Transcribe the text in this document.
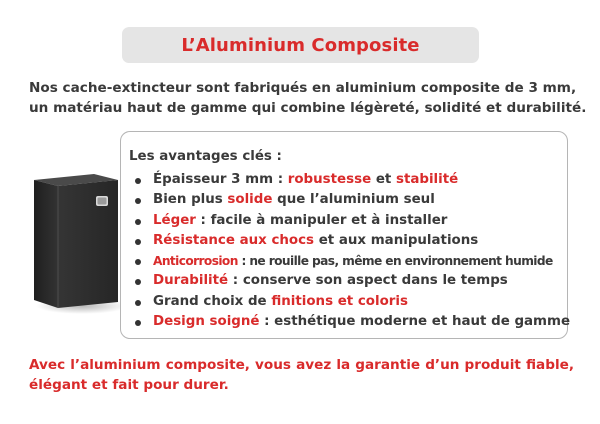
L’Aluminium Composite
Nos cache-extincteur sont fabriqués en aluminium composite de 3 mm,
un matériau haut de gamme qui combine légèreté, solidité et durabilité.
Les avantages clés :
Épaisseur 3 mm : robustesse et stabilité
Bien plus solide que l’aluminium seul
Léger : facile à manipuler et à installer
Résistance aux chocs et aux manipulations
Anticorrosion : ne rouille pas, même en environnement humide
Durabilité : conserve son aspect dans le temps
Grand choix de finitions et coloris
Design soigné : esthétique moderne et haut de gamme
Avec l’aluminium composite, vous avez la garantie d’un produit fiable,
élégant et fait pour durer.
